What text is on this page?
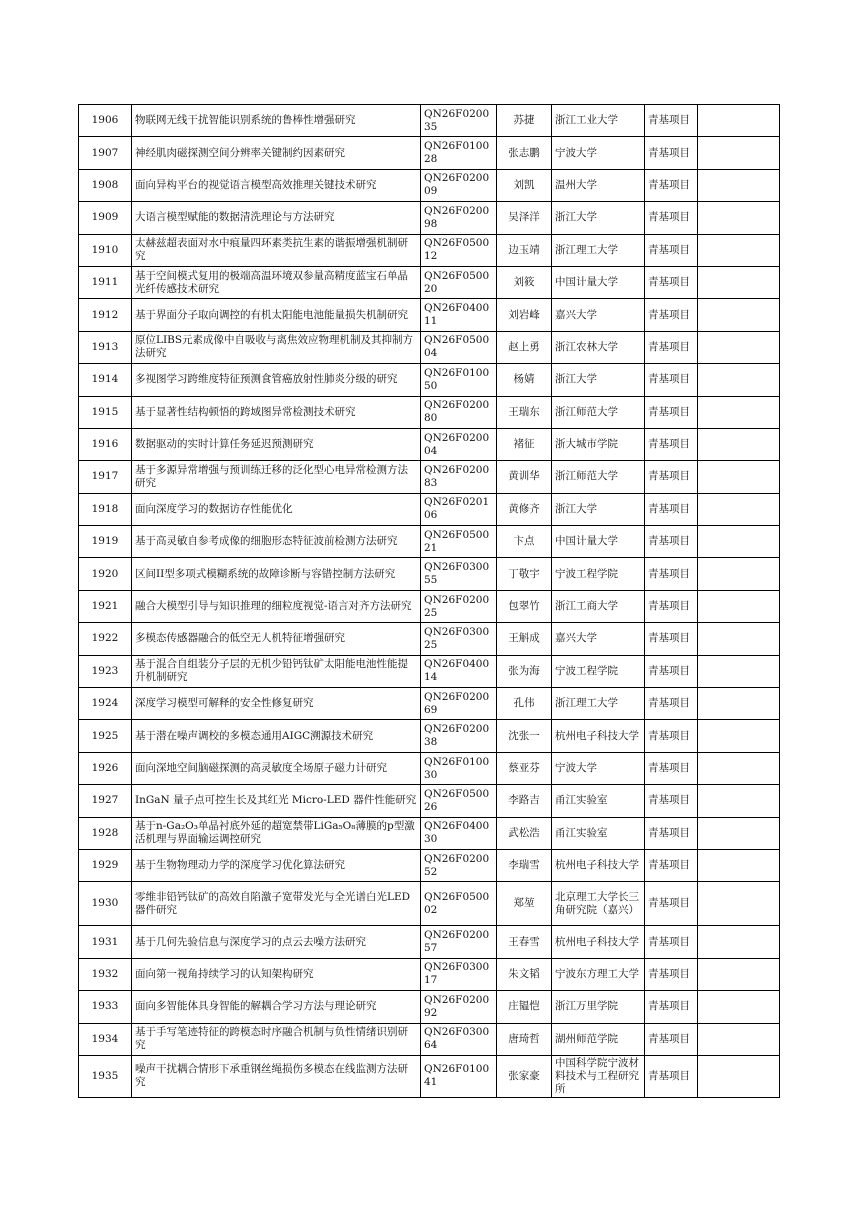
1906	物联网无线干扰智能识别系统的鲁棒性增强研究	QN26F020035	苏捷	浙江工业大学	青基项目	
1907	神经肌肉磁探测空间分辨率关键制约因素研究	QN26F010028	张志鹏	宁波大学	青基项目	
1908	面向异构平台的视觉语言模型高效推理关键技术研究	QN26F020009	刘凯	温州大学	青基项目	
1909	大语言模型赋能的数据清洗理论与方法研究	QN26F020098	吴泽洋	浙江大学	青基项目	
1910	太赫兹超表面对水中痕量四环素类抗生素的谐振增强机制研究	QN26F050012	边玉靖	浙江理工大学	青基项目	
1911	基于空间模式复用的极端高温环境双参量高精度蓝宝石单晶光纤传感技术研究	QN26F050020	刘筱	中国计量大学	青基项目	
1912	基于界面分子取向调控的有机太阳能电池能量损失机制研究	QN26F040011	刘岩峰	嘉兴大学	青基项目	
1913	原位LIBS元素成像中自吸收与离焦效应物理机制及其抑制方法研究	QN26F050004	赵上勇	浙江农林大学	青基项目	
1914	多视图学习跨维度特征预测食管癌放射性肺炎分级的研究	QN26F010050	杨婧	浙江大学	青基项目	
1915	基于显著性结构顿悟的跨域图异常检测技术研究	QN26F020080	王瑞东	浙江师范大学	青基项目	
1916	数据驱动的实时计算任务延迟预测研究	QN26F020004	褚征	浙大城市学院	青基项目	
1917	基于多源异常增强与预训练迁移的泛化型心电异常检测方法研究	QN26F020083	黄训华	浙江师范大学	青基项目	
1918	面向深度学习的数据访存性能优化	QN26F020106	黄修齐	浙江大学	青基项目	
1919	基于高灵敏自参考成像的细胞形态特征波前检测方法研究	QN26F050021	卞点	中国计量大学	青基项目	
1920	区间II型多项式模糊系统的故障诊断与容错控制方法研究	QN26F030055	丁敬宇	宁波工程学院	青基项目	
1921	融合大模型引导与知识推理的细粒度视觉-语言对齐方法研究	QN26F020025	包翠竹	浙江工商大学	青基项目	
1922	多模态传感器融合的低空无人机特征增强研究	QN26F030025	王斛成	嘉兴大学	青基项目	
1923	基于混合自组装分子层的无机少铅钙钛矿太阳能电池性能提升机制研究	QN26F040014	张为海	宁波工程学院	青基项目	
1924	深度学习模型可解释的安全性修复研究	QN26F020069	孔伟	浙江理工大学	青基项目	
1925	基于潜在噪声调校的多模态通用AIGC溯源技术研究	QN26F020038	沈张一	杭州电子科技大学	青基项目	
1926	面向深地空间脑磁探测的高灵敏度全场原子磁力计研究	QN26F010030	蔡亚芬	宁波大学	青基项目	
1927	InGaN 量子点可控生长及其红光 Micro-LED 器件性能研究	QN26F050026	李路吉	甬江实验室	青基项目	
1928	基于n-Ga₂O₃单晶衬底外延的超宽禁带LiGa₅O₈薄膜的p型激活机理与界面输运调控研究	QN26F040030	武松浩	甬江实验室	青基项目	
1929	基于生物物理动力学的深度学习优化算法研究	QN26F020052	李瑞雪	杭州电子科技大学	青基项目	
1930	零维非铅钙钛矿的高效自陷激子宽带发光与全光谱白光LED器件研究	QN26F050002	郑堃	北京理工大学长三角研究院（嘉兴）	青基项目	
1931	基于几何先验信息与深度学习的点云去噪方法研究	QN26F020057	王春雪	杭州电子科技大学	青基项目	
1932	面向第一视角持续学习的认知架构研究	QN26F030017	朱文韬	宁波东方理工大学	青基项目	
1933	面向多智能体具身智能的解耦合学习方法与理论研究	QN26F020092	庄韫恺	浙江万里学院	青基项目	
1934	基于手写笔迹特征的跨模态时序融合机制与负性情绪识别研究	QN26F030064	唐琦哲	湖州师范学院	青基项目	
1935	噪声干扰耦合情形下承重钢丝绳损伤多模态在线监测方法研究	QN26F010041	张家豪	中国科学院宁波材料技术与工程研究所	青基项目	
